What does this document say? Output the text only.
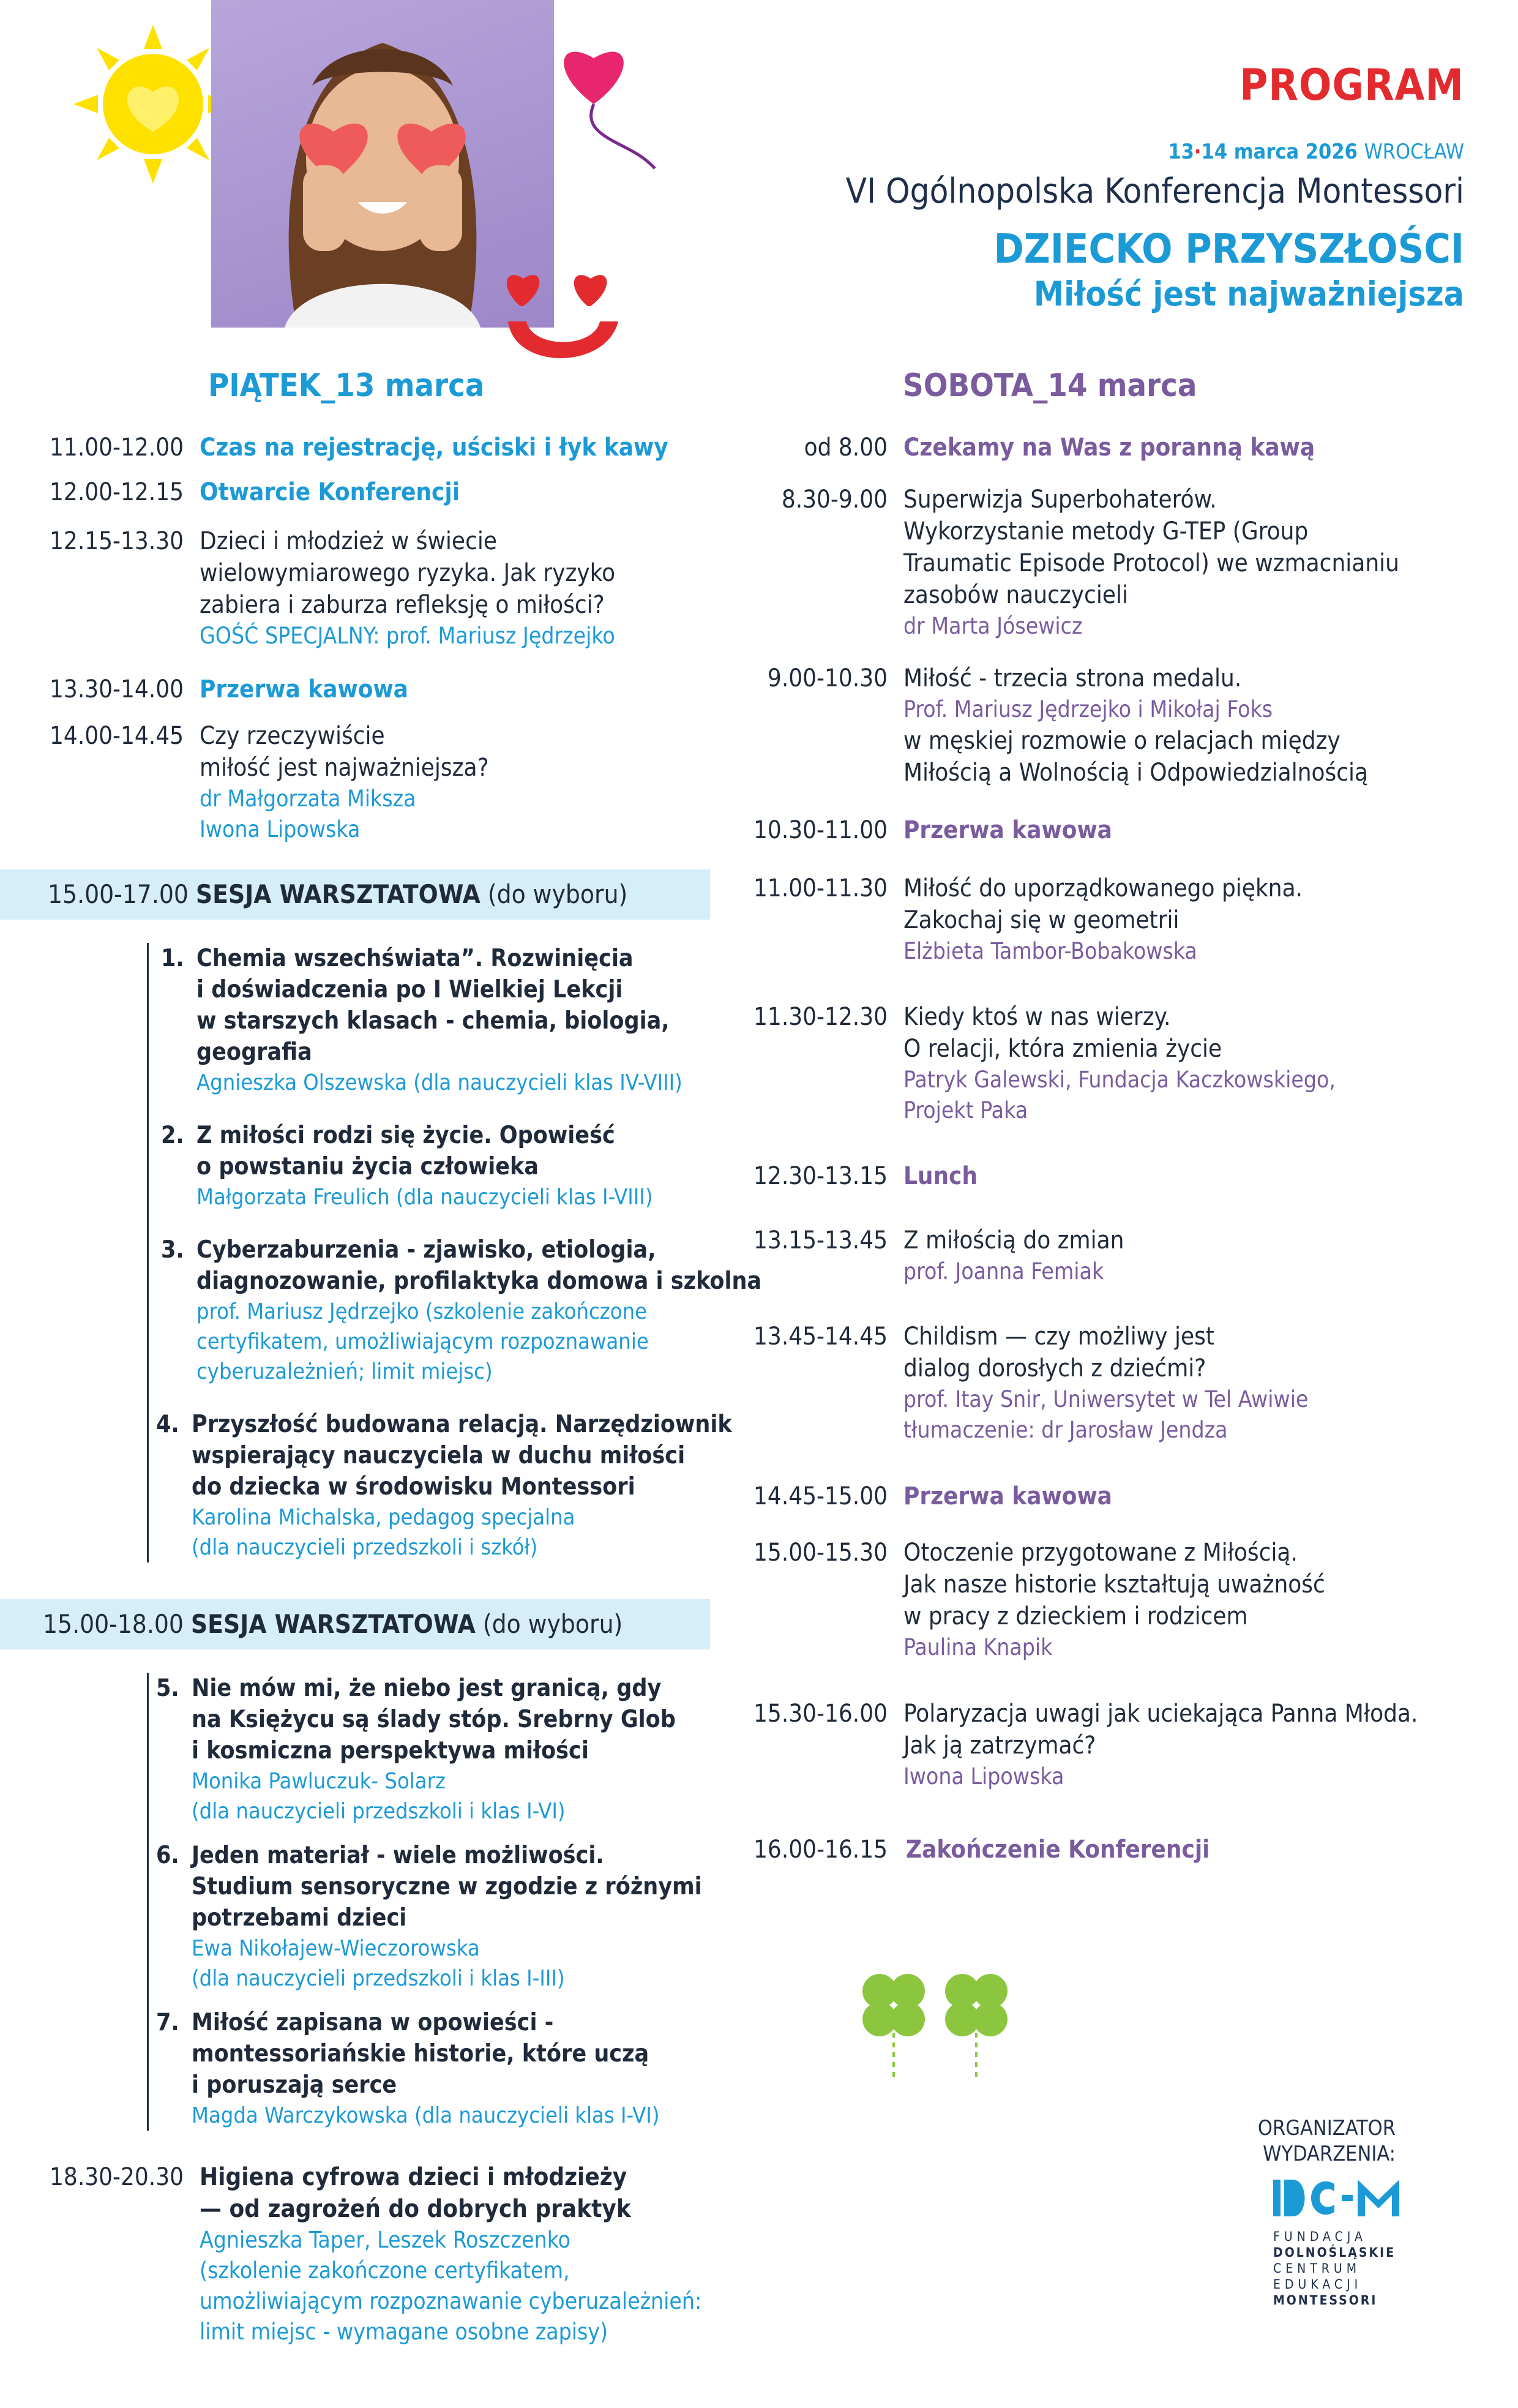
PROGRAM
13·14 marca 2026 WROCŁAW
VI Ogólnopolska Konferencja Montessori
DZIECKO PRZYSZŁOŚCI
Miłość jest najważniejsza
PIĄTEK_13 marca	SOBOTA_14 marca
11.00-12.00 Czas na rejestrację, uściski i łyk kawy
12.00-12.15 Otwarcie Konferencji
12.15-13.30 Dzieci i młodzież w świecie
wielowymiarowego ryzyka. Jak ryzyko
zabiera i zaburza refleksję o miłości?
GOŚĆ SPECJALNY: prof. Mariusz Jędrzejko
13.30-14.00 Przerwa kawowa
14.00-14.45 Czy rzeczywiście
miłość jest najważniejsza?
dr Małgorzata Miksza
Iwona Lipowska
15.00-17.00 SESJA WARSZTATOWA (do wyboru)
1. Chemia wszechświata”. Rozwinięcia
i doświadczenia po I Wielkiej Lekcji
w starszych klasach - chemia, biologia,
geografia
Agnieszka Olszewska (dla nauczycieli klas IV-VIII)
2. Z miłości rodzi się życie. Opowieść
o powstaniu życia człowieka
Małgorzata Freulich (dla nauczycieli klas I-VIII)
3. Cyberzaburzenia - zjawisko, etiologia,
diagnozowanie, profilaktyka domowa i szkolna
prof. Mariusz Jędrzejko (szkolenie zakończone
certyfikatem, umożliwiającym rozpoznawanie
cyberuzależnień; limit miejsc)
4. Przyszłość budowana relacją. Narzędziownik
wspierający nauczyciela w duchu miłości
do dziecka w środowisku Montessori
Karolina Michalska, pedagog specjalna
(dla nauczycieli przedszkoli i szkół)
15.00-18.00 SESJA WARSZTATOWA (do wyboru)
5. Nie mów mi, że niebo jest granicą, gdy
na Księżycu są ślady stóp. Srebrny Glob
i kosmiczna perspektywa miłości
Monika Pawluczuk- Solarz
(dla nauczycieli przedszkoli i klas I-VI)
6. Jeden materiał - wiele możliwości.
Studium sensoryczne w zgodzie z różnymi
potrzebami dzieci
Ewa Nikołajew-Wieczorowska
(dla nauczycieli przedszkoli i klas I-III)
7. Miłość zapisana w opowieści -
montessoriańskie historie, które uczą
i poruszają serce
Magda Warczykowska (dla nauczycieli klas I-VI)
18.30-20.30 Higiena cyfrowa dzieci i młodzieży
— od zagrożeń do dobrych praktyk
Agnieszka Taper, Leszek Roszczenko
(szkolenie zakończone certyfikatem,
umożliwiającym rozpoznawanie cyberuzależnień:
limit miejsc - wymagane osobne zapisy)
od 8.00 Czekamy na Was z poranną kawą
8.30-9.00 Superwizja Superbohaterów.
Wykorzystanie metody G-TEP (Group
Traumatic Episode Protocol) we wzmacnianiu
zasobów nauczycieli
dr Marta Jósewicz
9.00-10.30 Miłość - trzecia strona medalu.
Prof. Mariusz Jędrzejko i Mikołaj Foks
w męskiej rozmowie o relacjach między
Miłością a Wolnością i Odpowiedzialnością
10.30-11.00 Przerwa kawowa
11.00-11.30 Miłość do uporządkowanego piękna.
Zakochaj się w geometrii
Elżbieta Tambor-Bobakowska
11.30-12.30 Kiedy ktoś w nas wierzy.
O relacji, która zmienia życie
Patryk Galewski, Fundacja Kaczkowskiego,
Projekt Paka
12.30-13.15 Lunch
13.15-13.45 Z miłością do zmian
prof. Joanna Femiak
13.45-14.45 Childism — czy możliwy jest
dialog dorosłych z dziećmi?
prof. Itay Snir, Uniwersytet w Tel Awiwie
tłumaczenie: dr Jarosław Jendza
14.45-15.00 Przerwa kawowa
15.00-15.30 Otoczenie przygotowane z Miłością.
Jak nasze historie kształtują uważność
w pracy z dzieckiem i rodzicem
Paulina Knapik
15.30-16.00 Polaryzacja uwagi jak uciekająca Panna Młoda.
Jak ją zatrzymać?
Iwona Lipowska
16.00-16.15 Zakończenie Konferencji
ORGANIZATOR
WYDARZENIA:
DCEM
FUNDACJA
DOLNOŚLĄSKIE
CENTRUM
EDUKACJI
MONTESSORI
